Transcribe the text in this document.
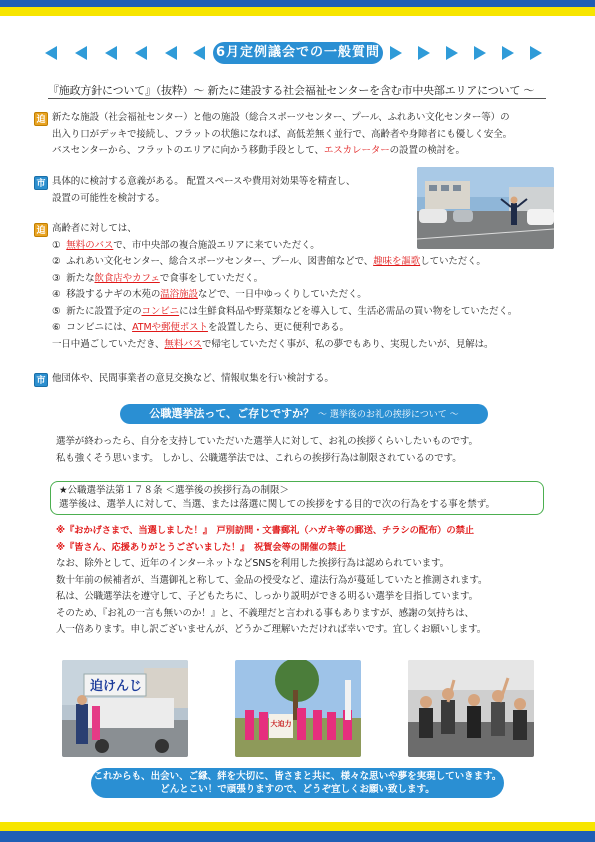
6月定例議会での一般質問
『施政方針について』（抜粋）～ 新たに建設する社会福祉センターを含む市中央部エリアについて ～
迫 新たな施設（社会福祉センター）と他の施設（総合スポーツセンター、プール、ふれあい文化センター等）の
出入り口がデッキで接続し、フラットの状態になれば、高低差無く並行で、高齢者や身障者にも優しく安全。
バスセンターから、フラットのエリアに向かう移動手段として、エスカレーターの設置の検討を。
市 具体的に検討する意義がある。 配置スペースや費用対効果等を精査し、
設置の可能性を検討する。
迫 高齢者に対しては、
① 無料のバスで、市中央部の複合施設エリアに来ていただく。
② ふれあい文化センター、総合スポーツセンター、プール、図書館などで、趣味を謳歌していただく。
③ 新たな飲食店やカフェで食事をしていただく。
④ 移設するナギの木苑の温浴施設などで、一日中ゆっくりしていただく。
⑤ 新たに設置予定のコンビニには生鮮食料品や野菜類などを導入して、生活必需品の買い物をしていただく。
⑥ コンビニには、ATMや郵便ポストを設置したら、更に便利である。
一日中過ごしていただき、無料バスで帰宅していただく事が、私の夢でもあり、実現したいが、見解は。
市 他団体や、民間事業者の意見交換など、情報収集を行い検討する。
公職選挙法って、ご存じですか？ ～ 選挙後のお礼の挨拶について ～
選挙が終わったら、自分を支持していただいた選挙人に対して、お礼の挨拶くらいしたいものです。
私も強くそう思います。 しかし、公職選挙法では、これらの挨拶行為は制限されているのです。
★公職選挙法第１７８条 ＜選挙後の挨拶行為の制限＞
選挙後は、選挙人に対して、当選、または落選に関しての挨拶をする目的で次の行為をする事を禁ず。
※『おかげさまで、当選しました！』　戸別訪問・文書郵礼（ハガキ等の郵送、チラシの配布）の禁止
※『皆さん、応援ありがとうございました！』　祝賀会等の開催の禁止
なお、除外として、近年のインターネットなどSNSを利用した挨拶行為は認められています。
数十年前の候補者が、当選御礼と称して、金品の授受など、違法行為が蔓延していたと推測されます。
私は、公職選挙法を遵守して、子どもたちに、しっかり説明ができる明るい選挙を目指しています。
そのため、『お礼の一言も無いのか！』と、不義理だと言われる事もありますが、感謝の気持ちは、
人一倍あります。申し訳ございませんが、どうかご理解いただければ幸いです。宜しくお願いします。
迫けんじ
大迫力
これからも、出会い、ご縁、絆を大切に、皆さまと共に、様々な思いや夢を実現していきます。
どんとこい！で頑張りますので、どうぞ宜しくお願い致します。
